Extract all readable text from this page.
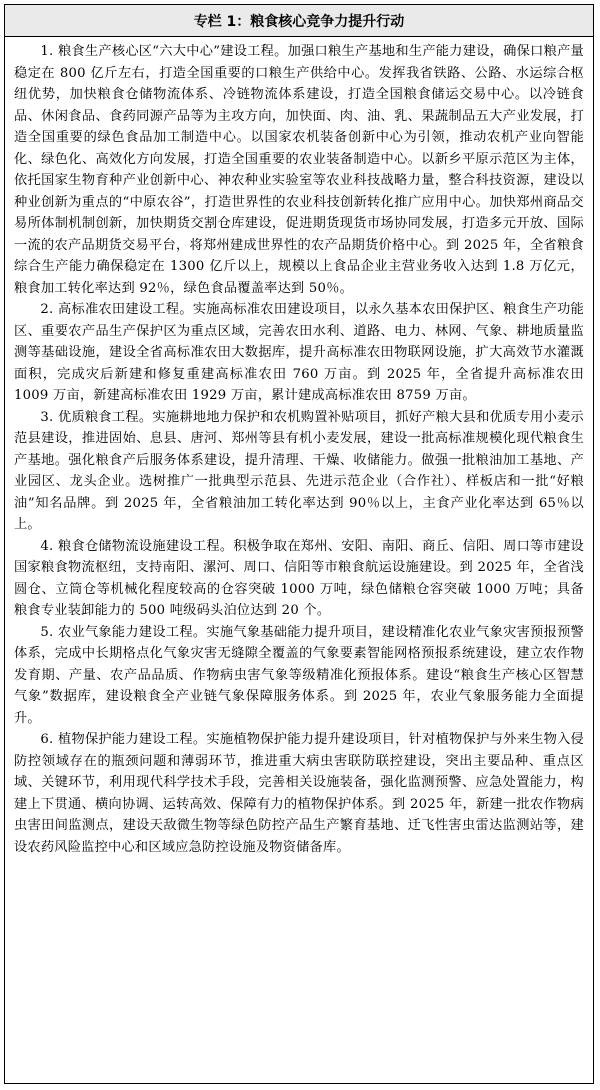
专栏 1：粮食核心竞争力提升行动

1. 粮食生产核心区“六大中心”建设工程。加强口粮生产基地和生产能力建设，确保口粮产量稳定在 800 亿斤左右，打造全国重要的口粮生产供给中心。发挥我省铁路、公路、水运综合枢纽优势，加快粮食仓储物流体系、冷链物流体系建设，打造全国粮食储运交易中心。以冷链食品、休闲食品、食药同源产品等为主攻方向，加快面、肉、油、乳、果蔬制品五大产业发展，打造全国重要的绿色食品加工制造中心。以国家农机装备创新中心为引领，推动农机产业向智能化、绿色化、高效化方向发展，打造全国重要的农业装备制造中心。以新乡平原示范区为主体，依托国家生物育种产业创新中心、神农种业实验室等农业科技战略力量，整合科技资源，建设以种业创新为重点的“中原农谷”，打造世界性的农业科技创新转化推广应用中心。加快郑州商品交易所体制机制创新，加快期货交割仓库建设，促进期货现货市场协同发展，打造多元开放、国际一流的农产品期货交易平台，将郑州建成世界性的农产品期货价格中心。到 2025 年，全省粮食综合生产能力确保稳定在 1300 亿斤以上，规模以上食品企业主营业务收入达到 1.8 万亿元，粮食加工转化率达到 92％，绿色食品覆盖率达到 50％。

2. 高标准农田建设工程。实施高标准农田建设项目，以永久基本农田保护区、粮食生产功能区、重要农产品生产保护区为重点区域，完善农田水利、道路、电力、林网、气象、耕地质量监测等基础设施，建设全省高标准农田大数据库，提升高标准农田物联网设施，扩大高效节水灌溉面积，完成灾后新建和修复重建高标准农田 760 万亩。到 2025 年，全省提升高标准农田 1009 万亩，新建高标准农田 1929 万亩，累计建成高标准农田 8759 万亩。

3. 优质粮食工程。实施耕地地力保护和农机购置补贴项目，抓好产粮大县和优质专用小麦示范县建设，推进固始、息县、唐河、郑州等县有机小麦发展，建设一批高标准规模化现代粮食生产基地。强化粮食产后服务体系建设，提升清理、干燥、收储能力。做强一批粮油加工基地、产业园区、龙头企业。选树推广一批典型示范县、先进示范企业（合作社）、样板店和一批“好粮油”知名品牌。到 2025 年，全省粮油加工转化率达到 90％以上，主食产业化率达到 65％以上。

4. 粮食仓储物流设施建设工程。积极争取在郑州、安阳、南阳、商丘、信阳、周口等市建设国家粮食物流枢纽，支持南阳、漯河、周口、信阳等市粮食航运设施建设。到 2025 年，全省浅圆仓、立筒仓等机械化程度较高的仓容突破 1000 万吨，绿色储粮仓容突破 1000 万吨；具备粮食专业装卸能力的 500 吨级码头泊位达到 20 个。

5. 农业气象能力建设工程。实施气象基础能力提升项目，建设精准化农业气象灾害预报预警体系，完成中长期格点化气象灾害无缝隙全覆盖的气象要素智能网格预报系统建设，建立农作物发育期、产量、农产品品质、作物病虫害气象等级精准化预报体系。建设“粮食生产核心区智慧气象”数据库，建设粮食全产业链气象保障服务体系。到 2025 年，农业气象服务能力全面提升。

6. 植物保护能力建设工程。实施植物保护能力提升建设项目，针对植物保护与外来生物入侵防控领域存在的瓶颈问题和薄弱环节，推进重大病虫害联防联控建设，突出主要品种、重点区域、关键环节，利用现代科学技术手段，完善相关设施装备，强化监测预警、应急处置能力，构建上下贯通、横向协调、运转高效、保障有力的植物保护体系。到 2025 年，新建一批农作物病虫害田间监测点，建设天敌微生物等绿色防控产品生产繁育基地、迁飞性害虫雷达监测站等，建设农药风险监控中心和区域应急防控设施及物资储备库。
